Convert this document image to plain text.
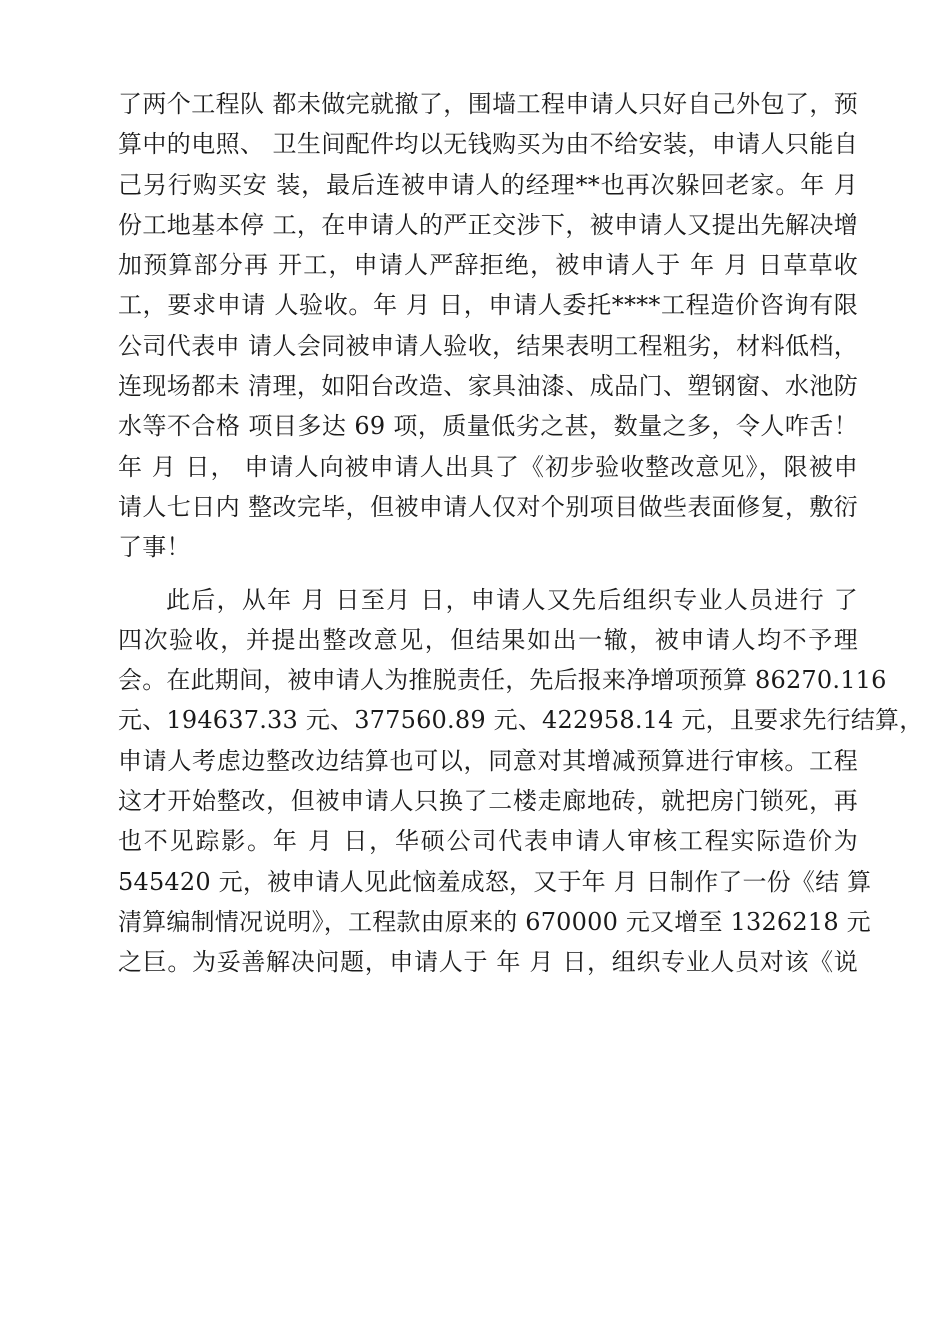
了两个工程队 都未做完就撤了，围墙工程申请人只好自己外包了，预
算中的电照、 卫生间配件均以无钱购买为由不给安装，申请人只能自
己另行购买安 装，最后连被申请人的经理**也再次躲回老家。年 月
份工地基本停 工，在申请人的严正交涉下，被申请人又提出先解决增
加预算部分再 开工，申请人严辞拒绝，被申请人于 年 月 日草草收
工，要求申请 人验收。年 月 日，申请人委托****工程造价咨询有限
公司代表申 请人会同被申请人验收，结果表明工程粗劣，材料低档，
连现场都未 清理，如阳台改造、家具油漆、成品门、塑钢窗、水池防
水等不合格 项目多达 69 项，质量低劣之甚，数量之多，令人咋舌！
年 月 日， 申请人向被申请人出具了《初步验收整改意见》，限被申
请人七日内 整改完毕，但被申请人仅对个别项目做些表面修复，敷衍
了事！
此后，从年 月 日至月 日，申请人又先后组织专业人员进行 了
四次验收，并提出整改意见，但结果如出一辙，被申请人均不予理
会。在此期间，被申请人为推脱责任，先后报来净增项预算 86270.116
元、194637.33 元、377560.89 元、422958.14 元，且要求先行结算，
申请人考虑边整改边结算也可以，同意对其增减预算进行审核。工程
这才开始整改，但被申请人只换了二楼走廊地砖，就把房门锁死，再
也不见踪影。年 月 日，华硕公司代表申请人审核工程实际造价为
545420 元，被申请人见此恼羞成怒，又于年 月 日制作了一份《结 算
清算编制情况说明》，工程款由原来的 670000 元又增至 1326218 元
之巨。为妥善解决问题，申请人于 年 月 日，组织专业人员对该《说
